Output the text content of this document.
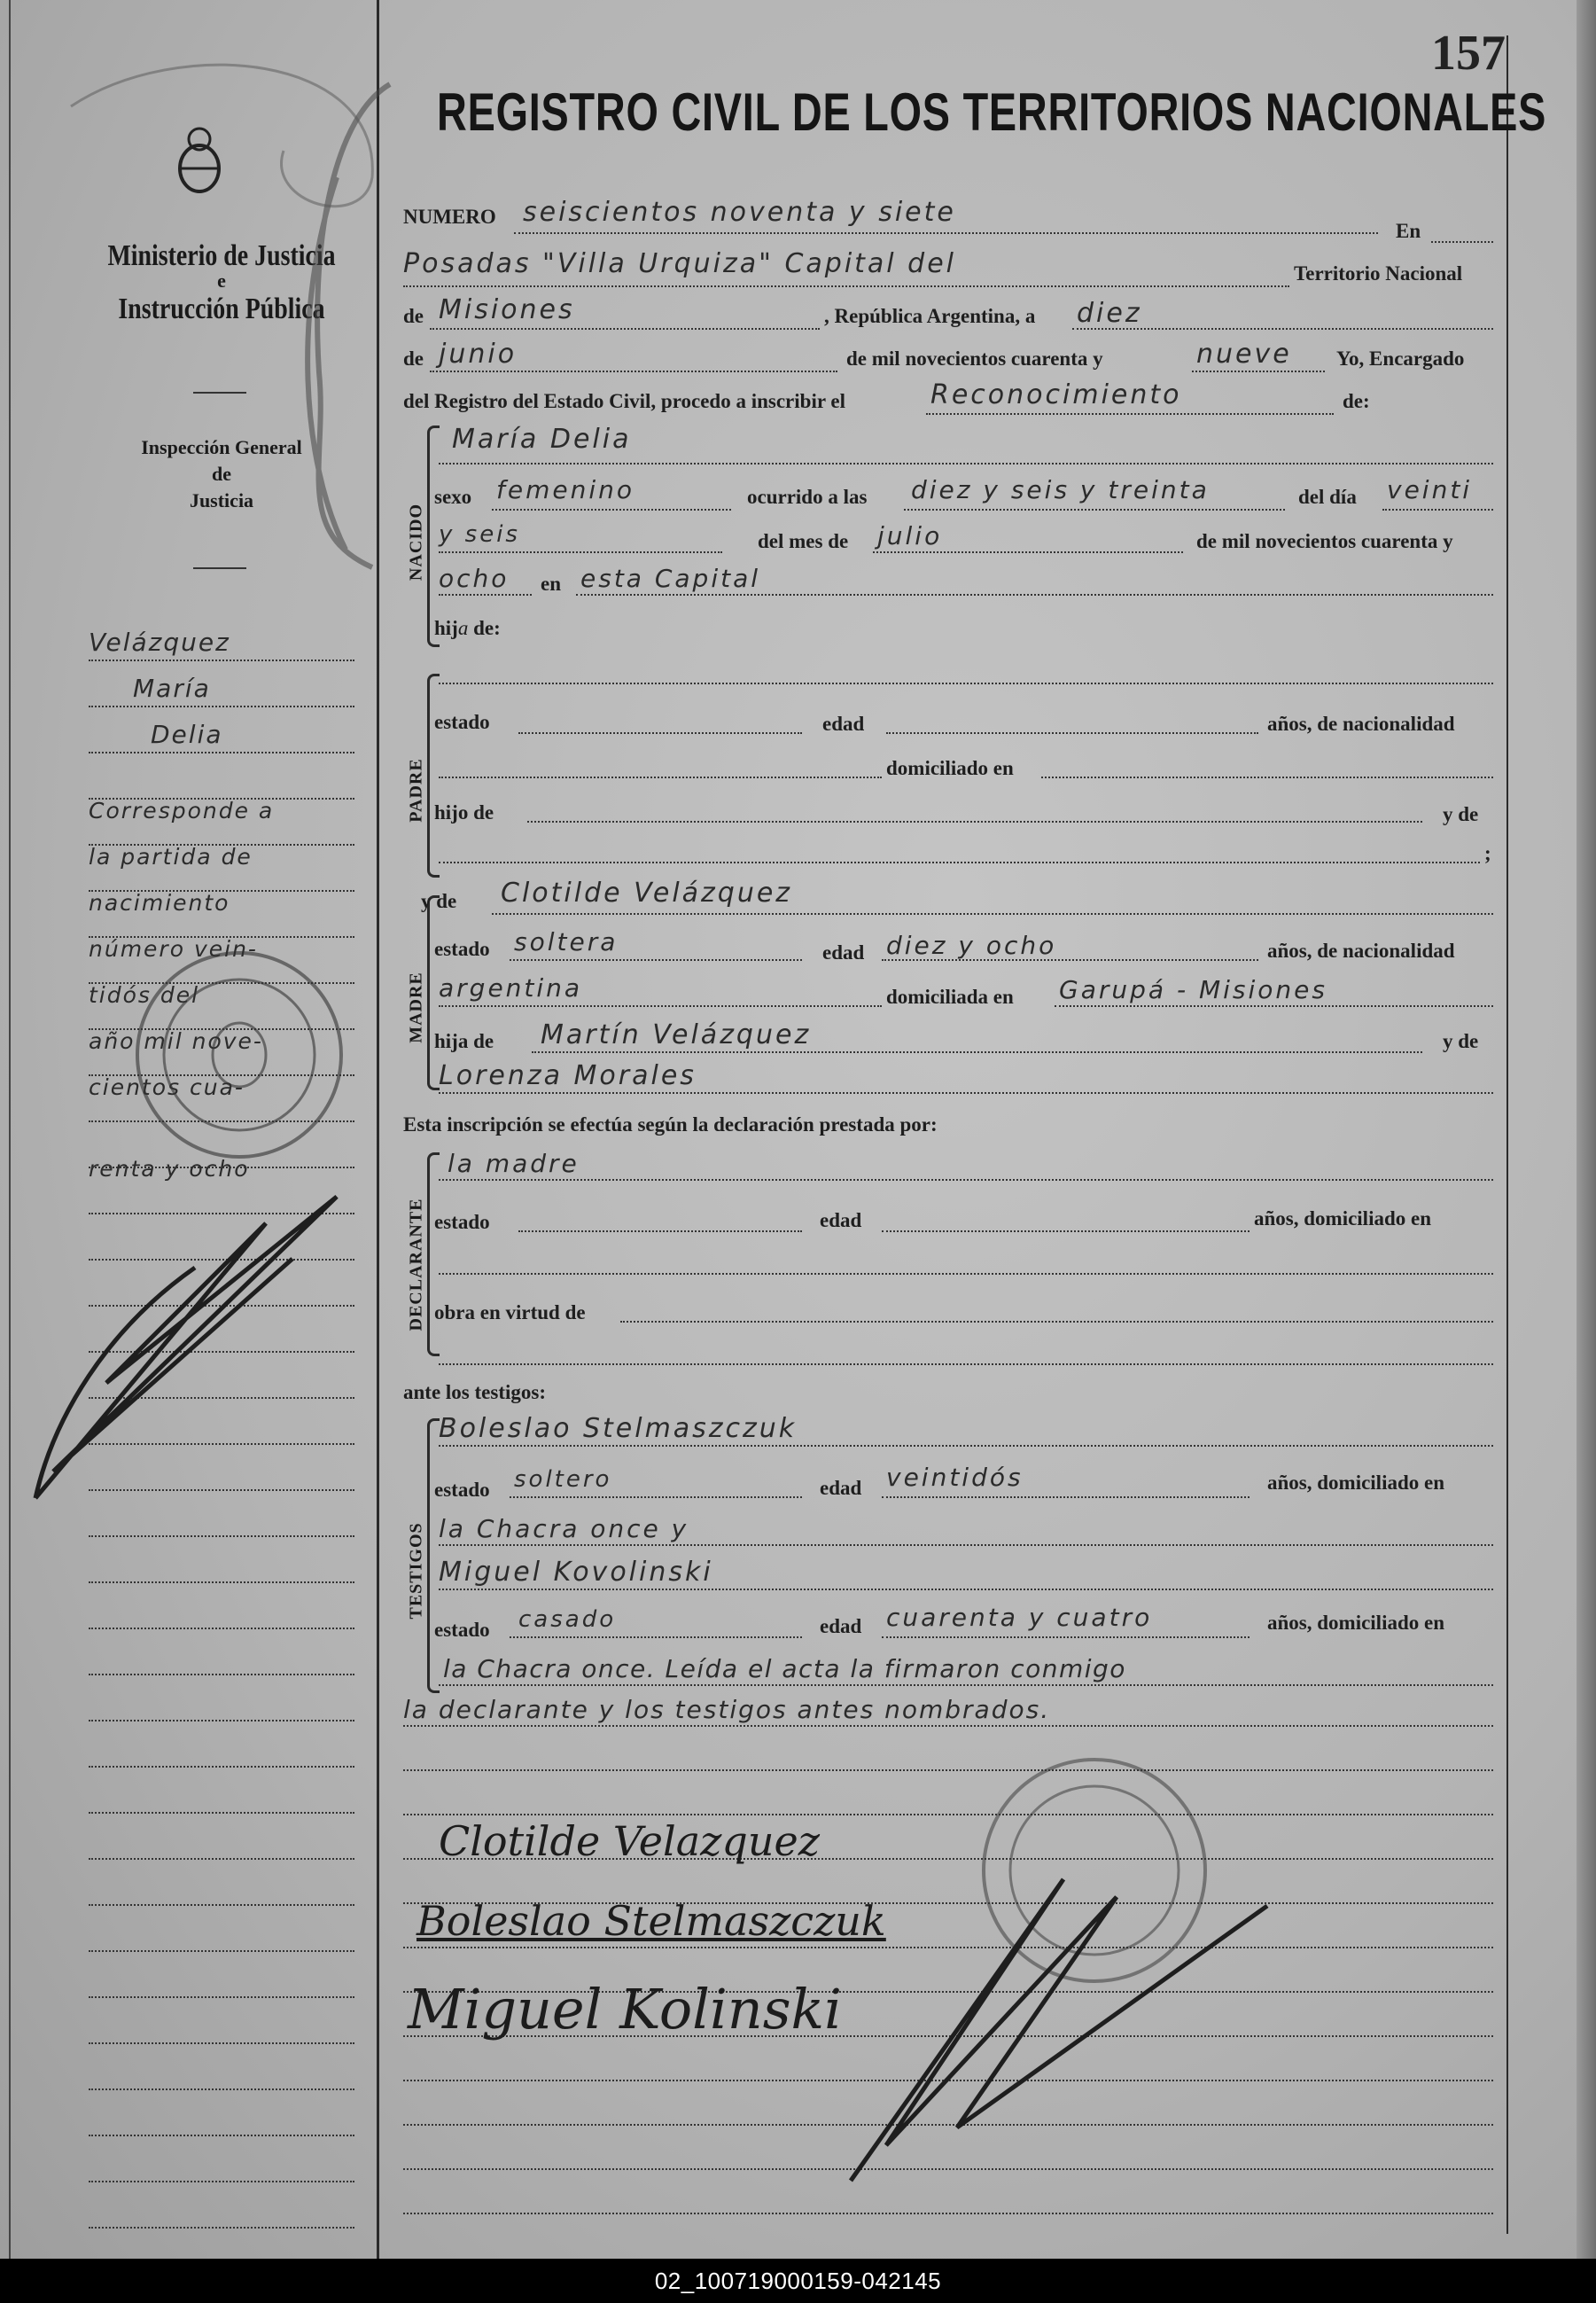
157
REGISTRO CIVIL DE LOS TERRITORIOS NACIONALES
Ministerio de Justicia
e
Instrucción Pública
Inspección General
de
Justicia
Velázquez
María
Delia
Corresponde a
la partida de
nacimiento
número vein-
tidós del
año mil nove-
cientos cua-
renta y ocho
NUMERO seiscientos noventa y siete
En
Posadas "Villa Urquiza" Capital del	Territorio Nacional
de Misiones	, República Argentina, a diez
de junio	de mil novecientos cuarenta y	nueve Yo, Encargado
del Registro del Estado Civil, procedo a inscribir el	Reconocimiento	de:
NACIDO
María Delia
sexo femenino	ocurrido a las diez y seis y treinta	del día veinti
y seis	del mes de julio	de mil novecientos cuarenta y
ocho en esta Capital
hija de:
PADRE
estado	edad	años, de nacionalidad
domiciliado en
hijo de	y de
;
MADRE
y de Clotilde Velázquez
estado soltera	edad diez y ocho	años, de nacionalidad
argentina	domiciliada en Garupá - Misiones
hija de Martín Velázquez	y de
Lorenza Morales
Esta inscripción se efectúa según la declaración prestada por:
DECLARANTE
la madre
estado	edad	años, domiciliado en
obra en virtud de
ante los testigos:
TESTIGOS
Boleslao Stelmaszczuk
estado soltero	edad veintidós	años, domiciliado en
la Chacra once y
Miguel Kovolinski
estado casado	edad cuarenta y cuatro	años, domiciliado en
la Chacra once. Leída el acta la firmaron conmigo
la declarante y los testigos antes nombrados.
Clotilde Velazquez
Boleslao Stelmaszczuk
Miguel Kolinski
02_100719000159-042145
